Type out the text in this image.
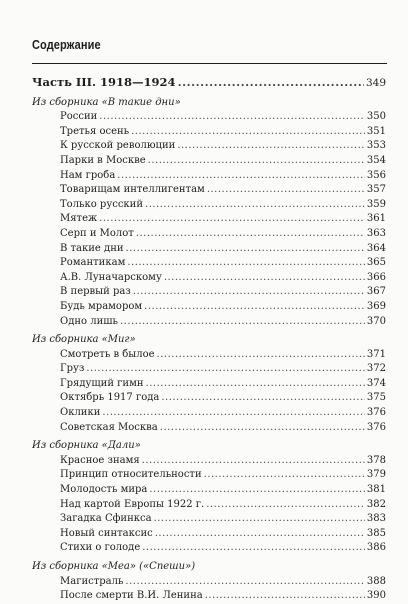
Содержание
Часть III. 1918—1924 .....	349
Из сборника «В такие дни»
России .....	350
Третья осень .....	351
К русской революции .....	353
Парки в Москве .....	354
Нам гроба .....	356
Товарищам интеллигентам .....	357
Только русский .....	359
Мятеж .....	361
Серп и Молот .....	363
В такие дни .....	364
Романтикам .....	365
А.В. Луначарскому .....	366
В первый раз .....	367
Будь мрамором .....	369
Одно лишь .....	370
Из сборника «Миг»
Смотреть в былое .....	371
Груз .....	372
Грядущий гимн .....	374
Октябрь 1917 года .....	375
Оклики .....	376
Советская Москва .....	376
Из сборника «Дали»
Красное знамя .....	378
Принцип относительности .....	379
Молодость мира .....	381
Над картой Европы 1922 г. .....	382
Загадка Сфинкса .....	383
Новый синтаксис .....	385
Стихи о голоде .....	386
Из сборника «Mea» («Спеши»)
Магистраль .....	388
После смерти В.И. Ленина .....	390
